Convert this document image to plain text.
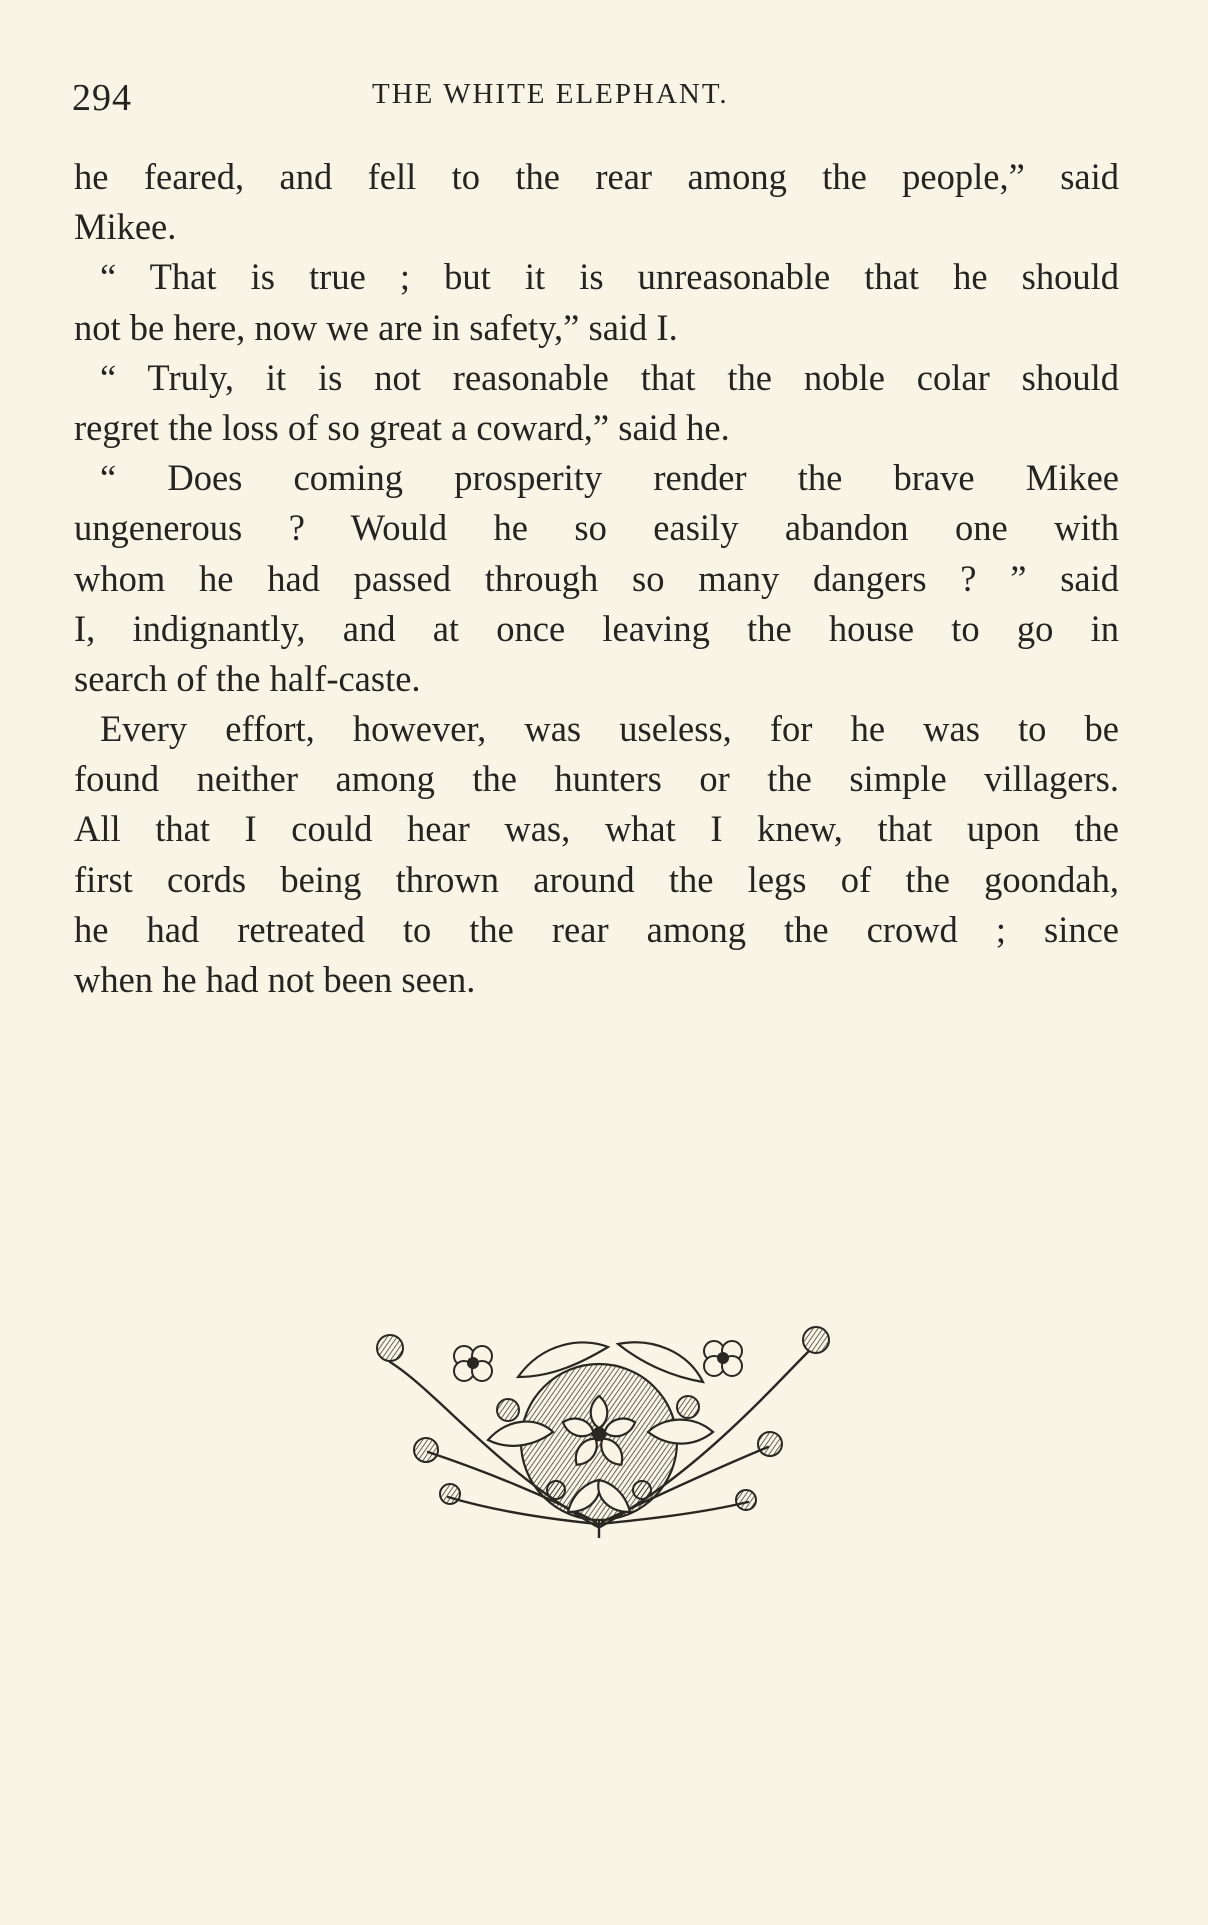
294	THE WHITE ELEPHANT.
he feared, and fell to the rear among the people,” said
Mikee.
“ That is true ; but it is unreasonable that he should
not be here, now we are in safety,” said I.
“ Truly, it is not reasonable that the noble colar should
regret the loss of so great a coward,” said he.
“ Does coming prosperity render the brave Mikee
ungenerous ? Would he so easily abandon one with
whom he had passed through so many dangers ? ” said
I, indignantly, and at once leaving the house to go in
search of the half-caste.
Every effort, however, was useless, for he was to be
found neither among the hunters or the simple villagers.
All that I could hear was, what I knew, that upon the
first cords being thrown around the legs of the goondah,
he had retreated to the rear among the crowd ; since
when he had not been seen.
